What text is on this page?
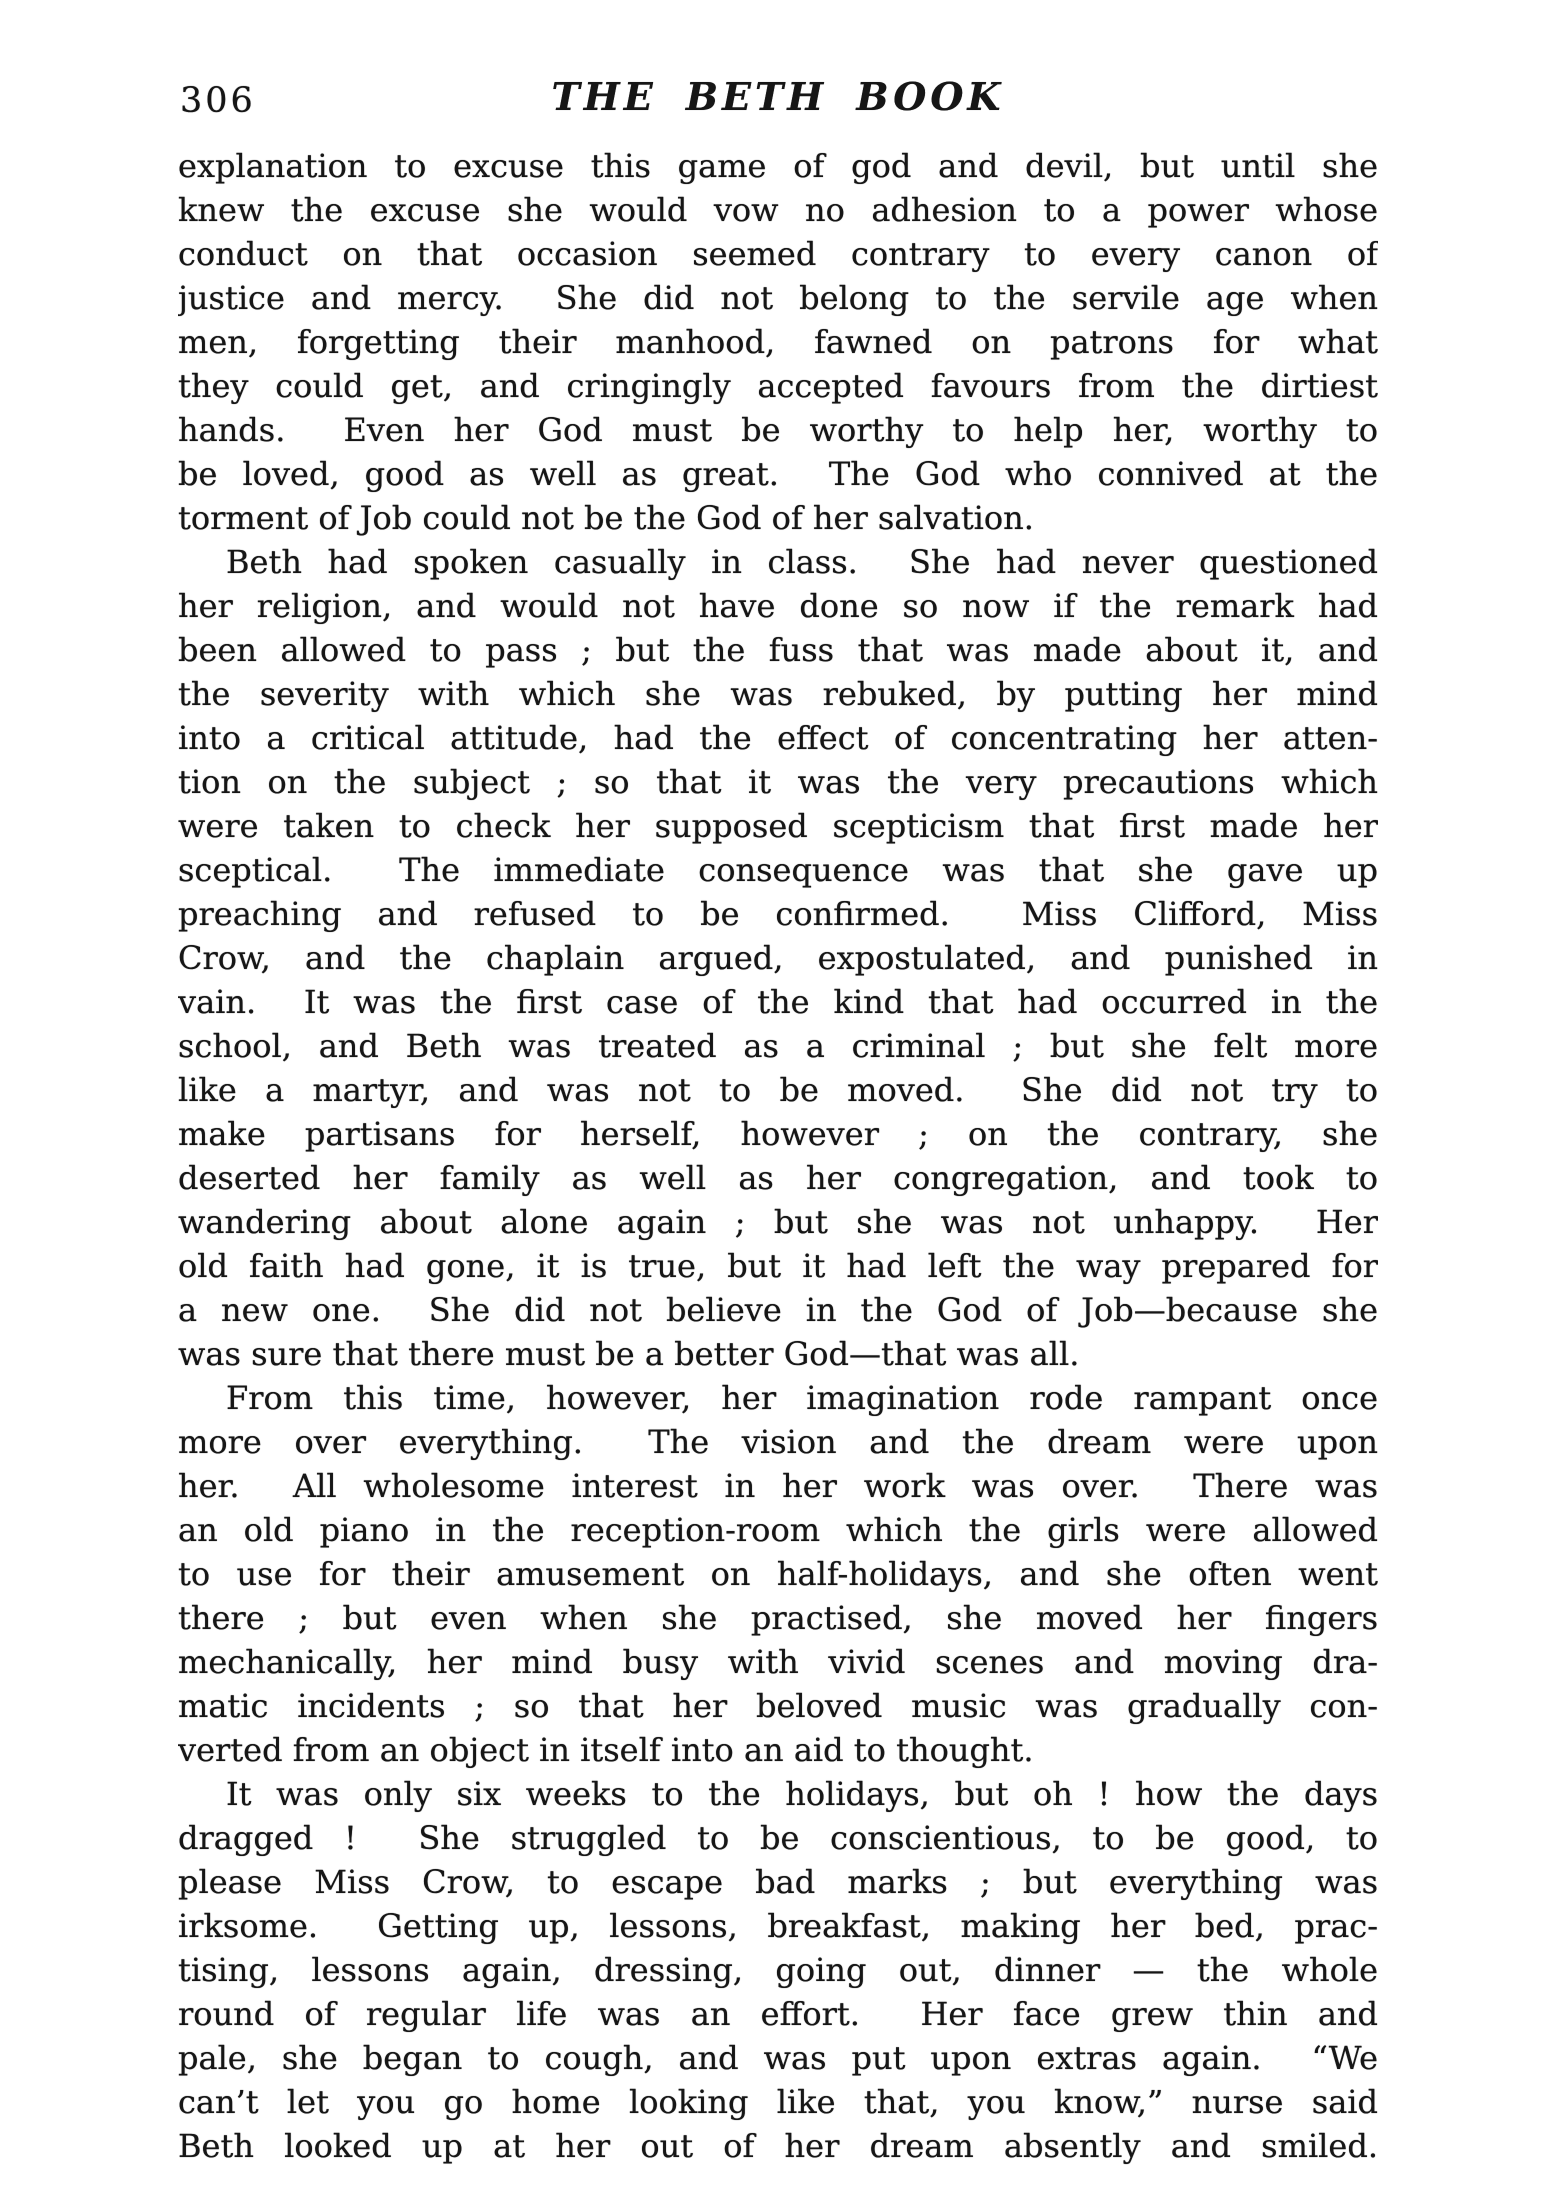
306	THE BETH BOOK

explanation to excuse this game of god and devil, but until she
knew the excuse she would vow no adhesion to a power whose
conduct on that occasion seemed contrary to every canon of
justice and mercy.  She did not belong to the servile age when
men, forgetting their manhood, fawned on patrons for what
they could get, and cringingly accepted favours from the dirtiest
hands.  Even her God must be worthy to help her, worthy to
be loved, good as well as great.  The God who connived at the
torment of Job could not be the God of her salvation.

Beth had spoken casually in class.  She had never questioned
her religion, and would not have done so now if the remark had
been allowed to pass ; but the fuss that was made about it, and
the severity with which she was rebuked, by putting her mind
into a critical attitude, had the effect of concentrating her atten-
tion on the subject ; so that it was the very precautions which
were taken to check her supposed scepticism that first made her
sceptical.  The immediate consequence was that she gave up
preaching and refused to be confirmed.  Miss Clifford, Miss
Crow, and the chaplain argued, expostulated, and punished in
vain.  It was the first case of the kind that had occurred in the
school, and Beth was treated as a criminal ; but she felt more
like a martyr, and was not to be moved.  She did not try to
make partisans for herself, however ; on the contrary, she
deserted her family as well as her congregation, and took to
wandering about alone again ; but she was not unhappy.  Her
old faith had gone, it is true, but it had left the way prepared for
a new one.  She did not believe in the God of Job—because she
was sure that there must be a better God—that was all.

From this time, however, her imagination rode rampant once
more over everything.  The vision and the dream were upon
her.  All wholesome interest in her work was over.  There was
an old piano in the reception-room which the girls were allowed
to use for their amusement on half-holidays, and she often went
there ; but even when she practised, she moved her fingers
mechanically, her mind busy with vivid scenes and moving dra-
matic incidents ; so that her beloved music was gradually con-
verted from an object in itself into an aid to thought.

It was only six weeks to the holidays, but oh ! how the days
dragged !  She struggled to be conscientious, to be good, to
please Miss Crow, to escape bad marks ; but everything was
irksome.  Getting up, lessons, breakfast, making her bed, prac-
tising, lessons again, dressing, going out, dinner — the whole
round of regular life was an effort.  Her face grew thin and
pale, she began to cough, and was put upon extras again.  “We
can’t let you go home looking like that, you know,” nurse said
Beth looked up at her out of her dream absently and smiled.
